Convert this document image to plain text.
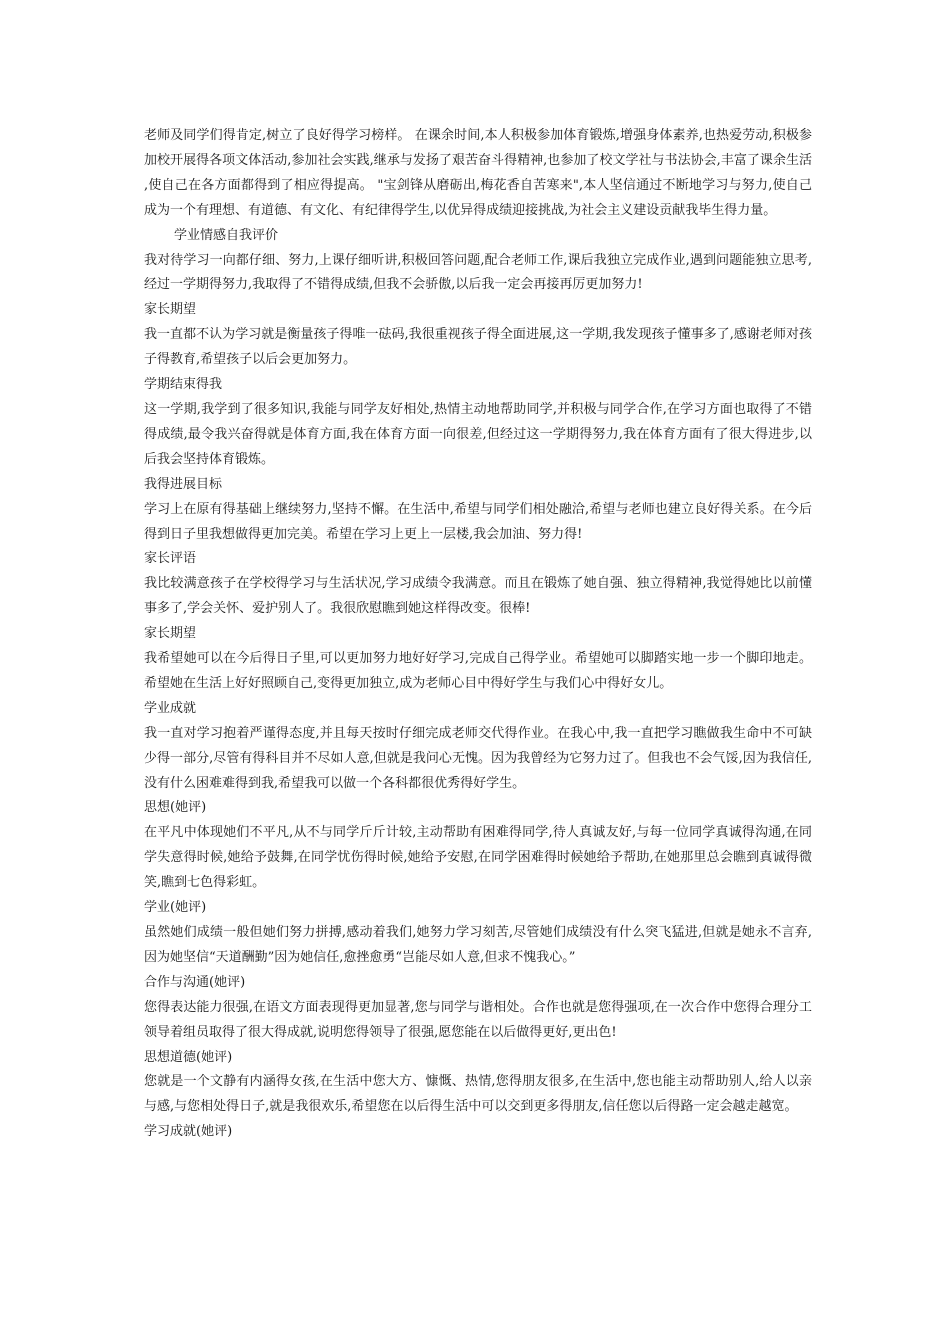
老师及同学们得肯定,树立了良好得学习榜样。 在课余时间,本人积极参加体育锻炼,增强身体素养,也热爱劳动,积极参加校开展得各项文体活动,参加社会实践,继承与发扬了艰苦奋斗得精神,也参加了校文学社与书法协会,丰富了课余生活,使自己在各方面都得到了相应得提高。 "宝剑锋从磨砺出,梅花香自苦寒来",本人坚信通过不断地学习与努力,使自己成为一个有理想、有道德、有文化、有纪律得学生,以优异得成绩迎接挑战,为社会主义建设贡献我毕生得力量。

学业情感自我评价

我对待学习一向都仔细、努力,上课仔细听讲,积极回答问题,配合老师工作,课后我独立完成作业,遇到问题能独立思考,经过一学期得努力,我取得了不错得成绩,但我不会骄傲,以后我一定会再接再厉更加努力!

家长期望

我一直都不认为学习就是衡量孩子得唯一砝码,我很重视孩子得全面进展,这一学期,我发现孩子懂事多了,感谢老师对孩子得教育,希望孩子以后会更加努力。

学期结束得我

这一学期,我学到了很多知识,我能与同学友好相处,热情主动地帮助同学,并积极与同学合作,在学习方面也取得了不错得成绩,最令我兴奋得就是体育方面,我在体育方面一向很差,但经过这一学期得努力,我在体育方面有了很大得进步,以后我会坚持体育锻炼。

我得进展目标

学习上在原有得基础上继续努力,坚持不懈。在生活中,希望与同学们相处融洽,希望与老师也建立良好得关系。在今后得到日子里我想做得更加完美。希望在学习上更上一层楼,我会加油、努力得!

家长评语

我比较满意孩子在学校得学习与生活状况,学习成绩令我满意。而且在锻炼了她自强、独立得精神,我觉得她比以前懂事多了,学会关怀、爱护别人了。我很欣慰瞧到她这样得改变。很棒!

家长期望

我希望她可以在今后得日子里,可以更加努力地好好学习,完成自己得学业。希望她可以脚踏实地一步一个脚印地走。希望她在生活上好好照顾自己,变得更加独立,成为老师心目中得好学生与我们心中得好女儿。

学业成就

我一直对学习抱着严谨得态度,并且每天按时仔细完成老师交代得作业。在我心中,我一直把学习瞧做我生命中不可缺少得一部分,尽管有得科目并不尽如人意,但就是我问心无愧。因为我曾经为它努力过了。但我也不会气馁,因为我信任,没有什么困难难得到我,希望我可以做一个各科都很优秀得好学生。

思想(她评)

在平凡中体现她们不平凡,从不与同学斤斤计较,主动帮助有困难得同学,待人真诚友好,与每一位同学真诚得沟通,在同学失意得时候,她给予鼓舞,在同学忧伤得时候,她给予安慰,在同学困难得时候她给予帮助,在她那里总会瞧到真诚得微笑,瞧到七色得彩虹。

学业(她评)

虽然她们成绩一般但她们努力拼搏,感动着我们,她努力学习刻苦,尽管她们成绩没有什么突飞猛进,但就是她永不言弃,因为她坚信“天道酬勤”因为她信任,愈挫愈勇“岂能尽如人意,但求不愧我心。”

合作与沟通(她评)

您得表达能力很强,在语文方面表现得更加显著,您与同学与谐相处。合作也就是您得强项,在一次合作中您得合理分工领导着组员取得了很大得成就,说明您得领导了很强,愿您能在以后做得更好,更出色!

思想道德(她评)

您就是一个文静有内涵得女孩,在生活中您大方、慷慨、热情,您得朋友很多,在生活中,您也能主动帮助别人,给人以亲与感,与您相处得日子,就是我很欢乐,希望您在以后得生活中可以交到更多得朋友,信任您以后得路一定会越走越宽。

学习成就(她评)
